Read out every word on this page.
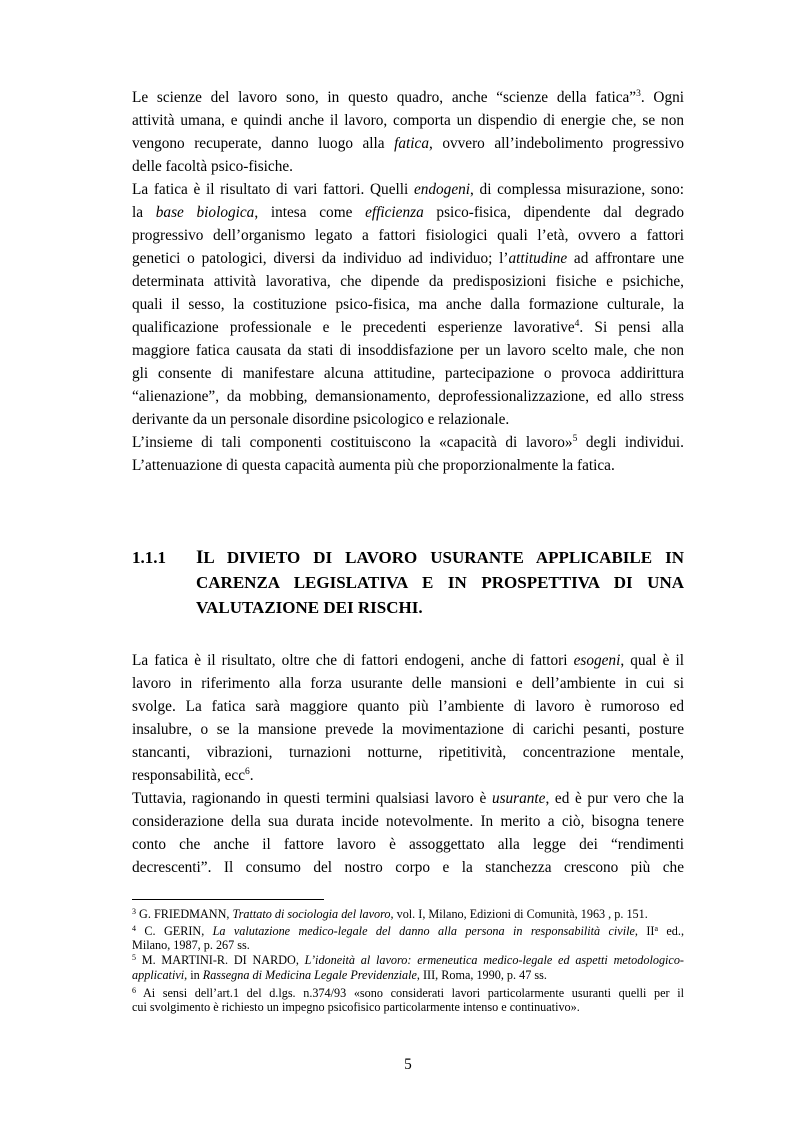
Le scienze del lavoro sono, in questo quadro, anche “scienze della fatica”$^3$. Ogni
attività umana, e quindi anche il lavoro, comporta un dispendio di energie che, se non
vengono recuperate, danno luogo alla fatica, ovvero all’indebolimento progressivo
delle facoltà psico-fisiche.
La fatica è il risultato di vari fattori. Quelli endogeni, di complessa misurazione, sono:
la base biologica, intesa come efficienza psico-fisica, dipendente dal degrado
progressivo dell’organismo legato a fattori fisiologici quali l’età, ovvero a fattori
genetici o patologici, diversi da individuo ad individuo; l’attitudine ad affrontare une
determinata attività lavorativa, che dipende da predisposizioni fisiche e psichiche,
quali il sesso, la costituzione psico-fisica, ma anche dalla formazione culturale, la
qualificazione professionale e le precedenti esperienze lavorative$^4$. Si pensi alla
maggiore fatica causata da stati di insoddisfazione per un lavoro scelto male, che non
gli consente di manifestare alcuna attitudine, partecipazione o provoca addirittura
“alienazione”, da mobbing, demansionamento, deprofessionalizzazione, ed allo stress
derivante da un personale disordine psicologico e relazionale.
L’insieme di tali componenti costituiscono la «capacità di lavoro»$^5$ degli individui.
L’attenuazione di questa capacità aumenta più che proporzionalmente la fatica.
1.1.1 IL DIVIETO DI LAVORO USURANTE APPLICABILE IN
CARENZA LEGISLATIVA E IN PROSPETTIVA DI UNA
VALUTAZIONE DEI RISCHI.
La fatica è il risultato, oltre che di fattori endogeni, anche di fattori esogeni, qual è il
lavoro in riferimento alla forza usurante delle mansioni e dell’ambiente in cui si
svolge. La fatica sarà maggiore quanto più l’ambiente di lavoro è rumoroso ed
insalubre, o se la mansione prevede la movimentazione di carichi pesanti, posture
stancanti, vibrazioni, turnazioni notturne, ripetitività, concentrazione mentale,
responsabilità, ecc$^6$.
Tuttavia, ragionando in questi termini qualsiasi lavoro è usurante, ed è pur vero che la
considerazione della sua durata incide notevolmente. In merito a ciò, bisogna tenere
conto che anche il fattore lavoro è assoggettato alla legge dei “rendimenti
decrescenti”. Il consumo del nostro corpo e la stanchezza crescono più che
$^3$ G. FRIEDMANN, Trattato di sociologia del lavoro, vol. I, Milano, Edizioni di Comunità, 1963 , p. 151.
$^4$ C. GERIN, La valutazione medico-legale del danno alla persona in responsabilità civile, $II^a$ ed.,
Milano, 1987, p. 267 ss.
$^5$ M. MARTINI-R. DI NARDO, L’idoneità al lavoro: ermeneutica medico-legale ed aspetti metodologico-
applicativi, in Rassegna di Medicina Legale Previdenziale, III, Roma, 1990, p. 47 ss.
$^6$ Ai sensi dell’art.1 del d.lgs. n.374/93 «sono considerati lavori particolarmente usuranti quelli per il
cui svolgimento è richiesto un impegno psicofisico particolarmente intenso e continuativo».
5
